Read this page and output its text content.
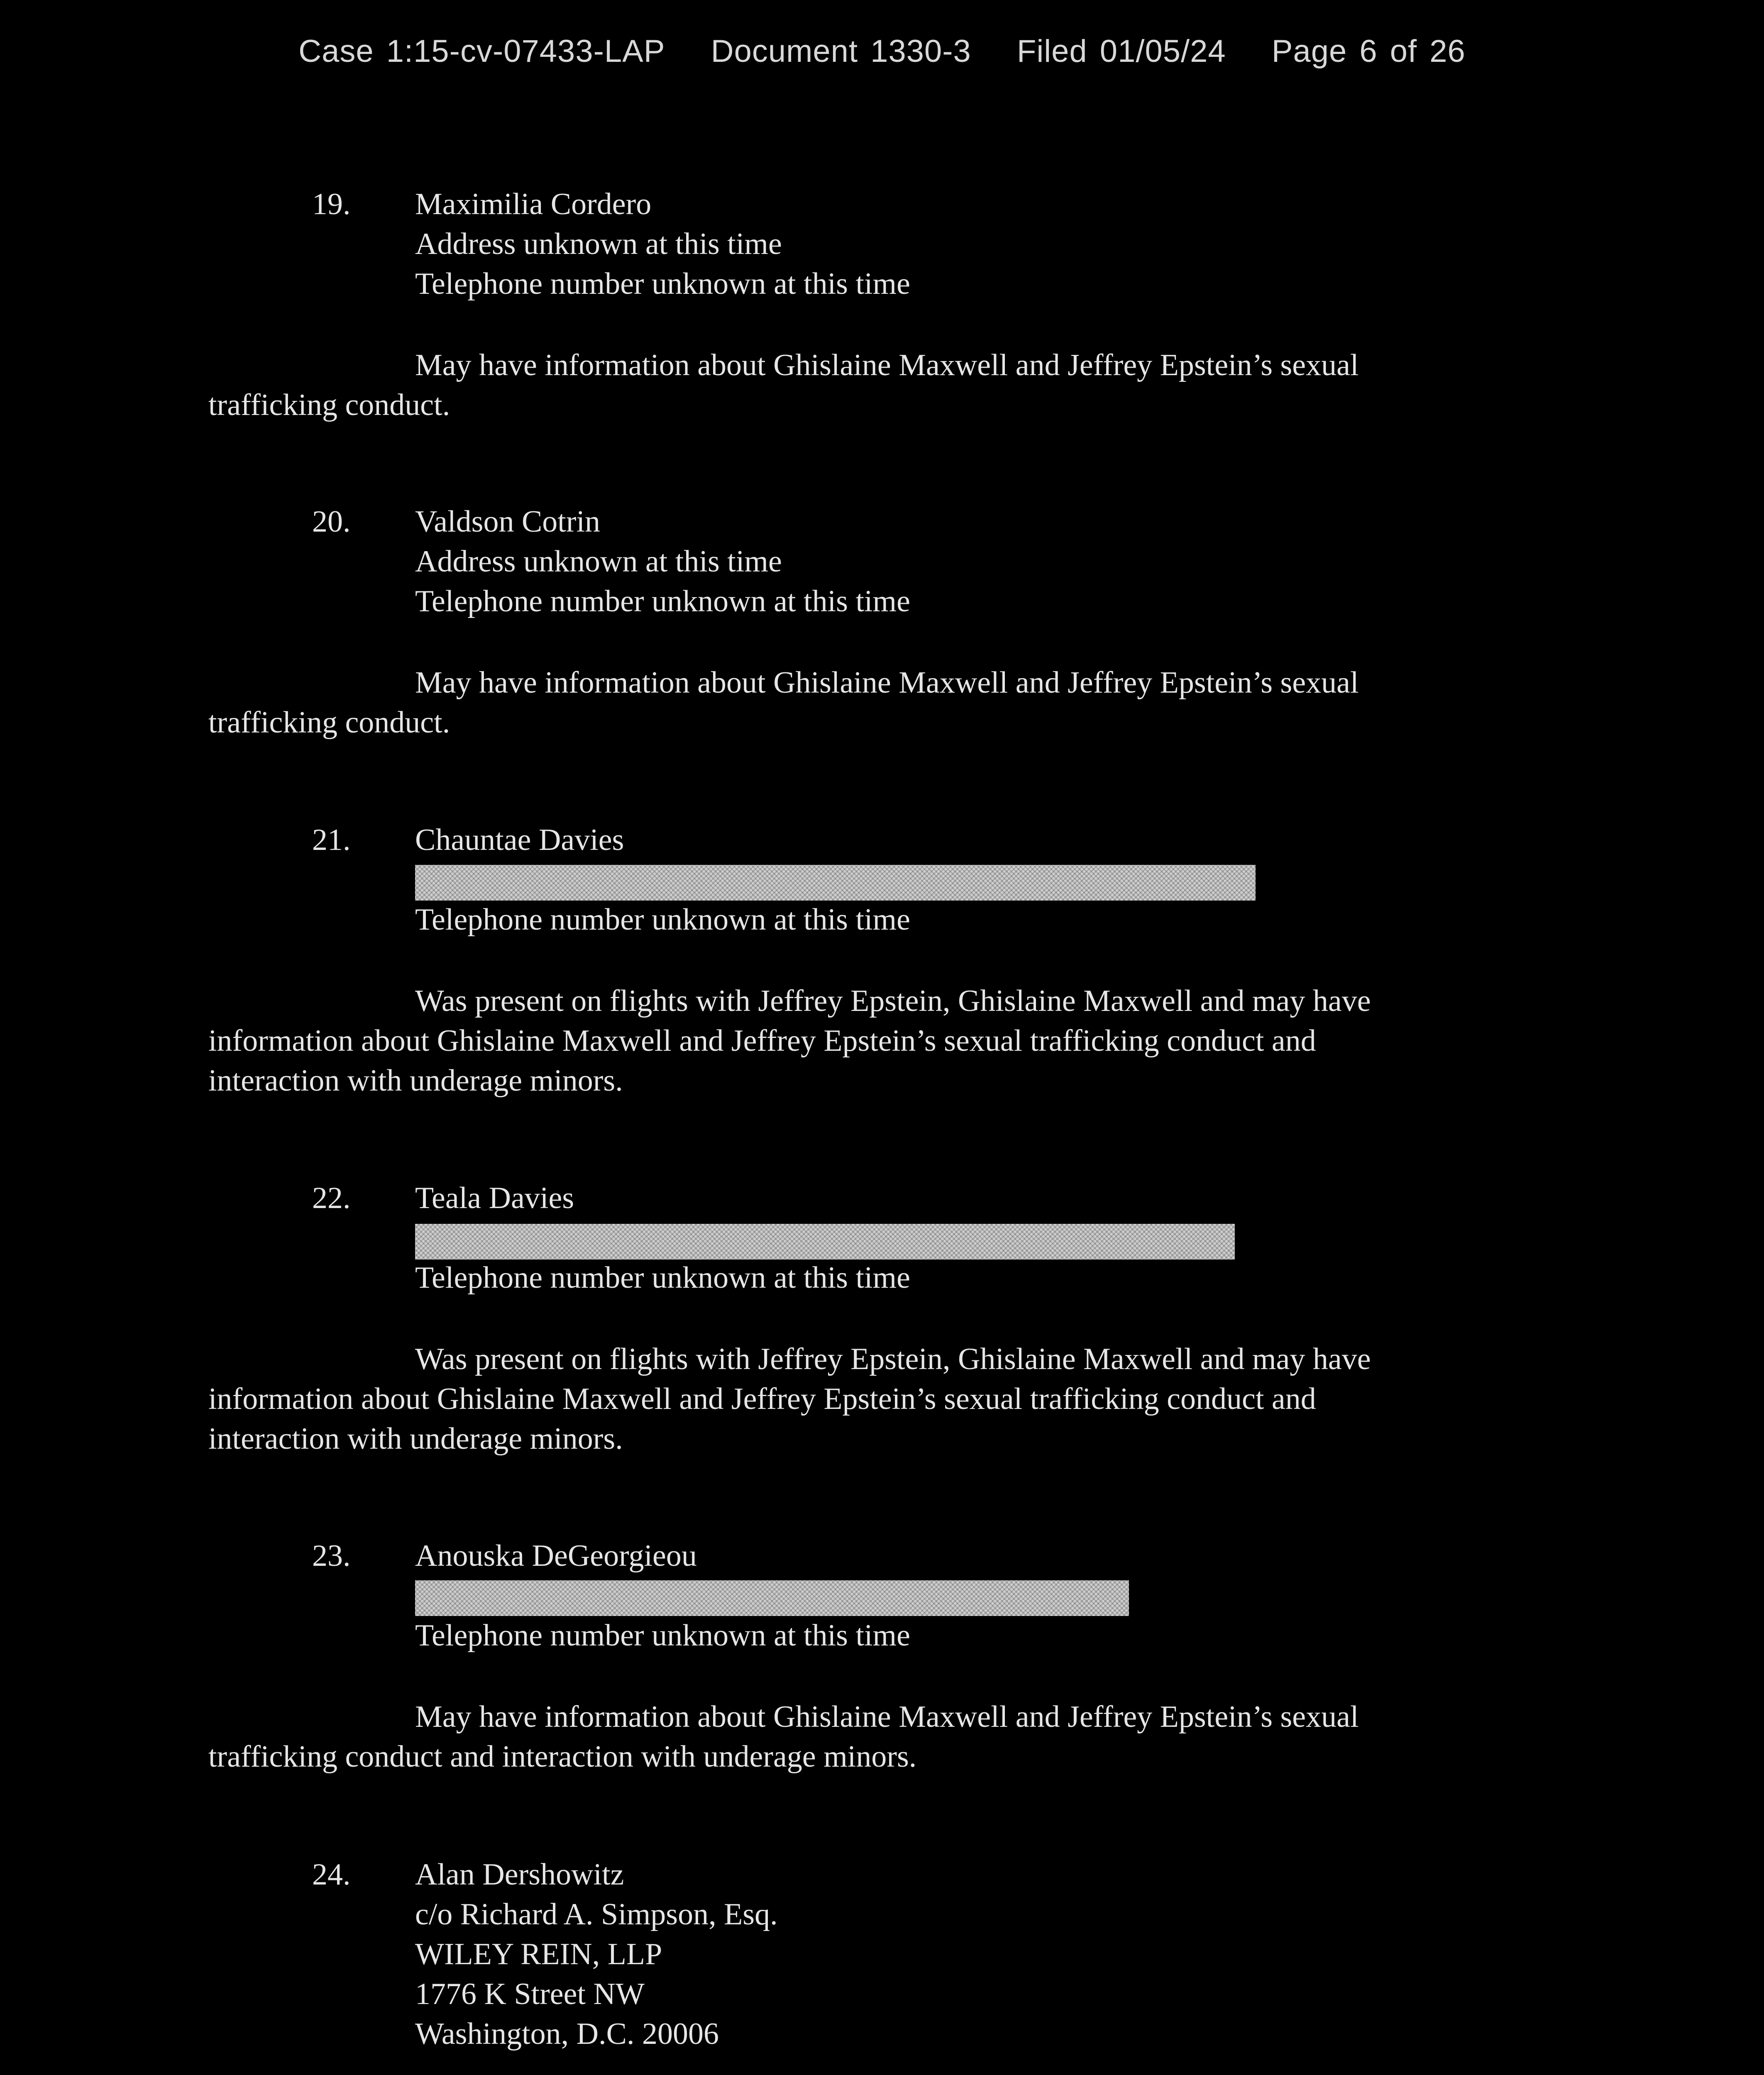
Case 1:15-cv-07433-LAP Document 1330-3 Filed 01/05/24 Page 6 of 26
19. Maximilia Cordero
Address unknown at this time
Telephone number unknown at this time
May have information about Ghislaine Maxwell and Jeffrey Epstein’s sexual
trafficking conduct.
20. Valdson Cotrin
Address unknown at this time
Telephone number unknown at this time
May have information about Ghislaine Maxwell and Jeffrey Epstein’s sexual
trafficking conduct.
21. Chauntae Davies
Telephone number unknown at this time
Was present on flights with Jeffrey Epstein, Ghislaine Maxwell and may have
information about Ghislaine Maxwell and Jeffrey Epstein’s sexual trafficking conduct and
interaction with underage minors.
22. Teala Davies
Telephone number unknown at this time
Was present on flights with Jeffrey Epstein, Ghislaine Maxwell and may have
information about Ghislaine Maxwell and Jeffrey Epstein’s sexual trafficking conduct and
interaction with underage minors.
23. Anouska DeGeorgieou
Telephone number unknown at this time
May have information about Ghislaine Maxwell and Jeffrey Epstein’s sexual
trafficking conduct and interaction with underage minors.
24. Alan Dershowitz
c/o Richard A. Simpson, Esq.
WILEY REIN, LLP
1776 K Street NW
Washington, D.C. 20006
